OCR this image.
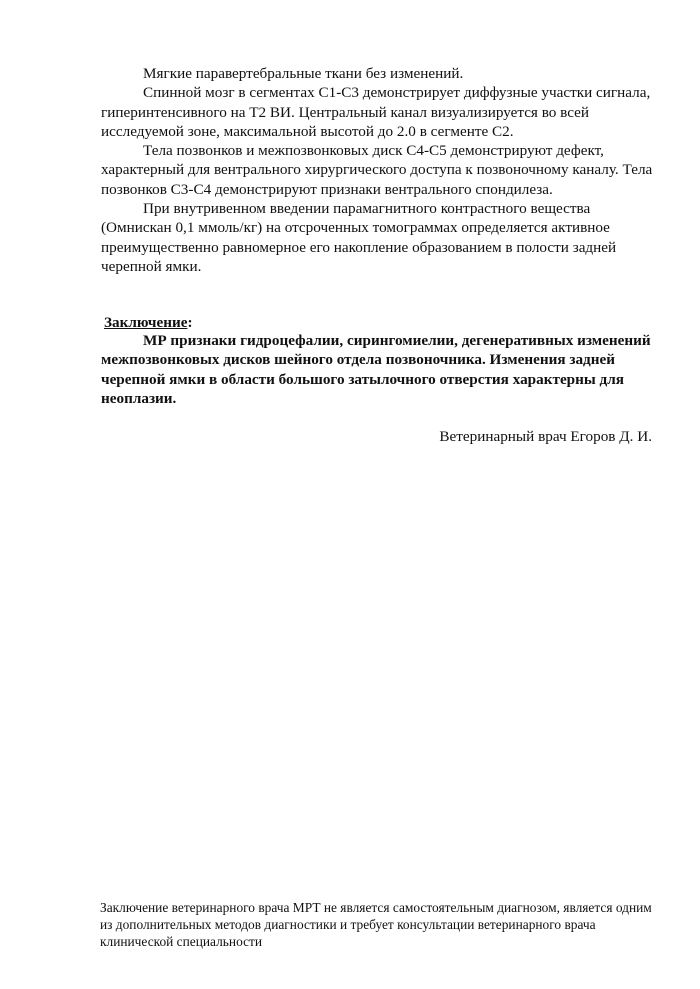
Мягкие паравертебральные ткани без изменений.

Спинной мозг в сегментах С1-С3 демонстрирует диффузные участки сигнала, гиперинтенсивного на Т2 ВИ. Центральный канал визуализируется во всей исследуемой зоне, максимальной высотой до 2.0 в сегменте С2.

Тела позвонков и межпозвонковых диск С4-С5 демонстрируют дефект, характерный для вентрального хирургического доступа к позвоночному каналу. Тела позвонков С3-С4 демонстрируют признаки вентрального спондилеза.

При внутривенном введении парамагнитного контрастного вещества (Омнискан 0,1 ммоль/кг) на отсроченных томограммах определяется активное преимущественно равномерное его накопление образованием в полости задней черепной ямки.

Заключение:

МР признаки гидроцефалии, сирингомиелии, дегенеративных изменений межпозвонковых дисков шейного отдела позвоночника. Изменения задней черепной ямки в области большого затылочного отверстия характерны для неоплазии.

Ветеринарный врач Егоров Д. И.

Заключение ветеринарного врача МРТ не является самостоятельным диагнозом, является одним из дополнительных методов диагностики и требует консультации ветеринарного врача клинической специальности
